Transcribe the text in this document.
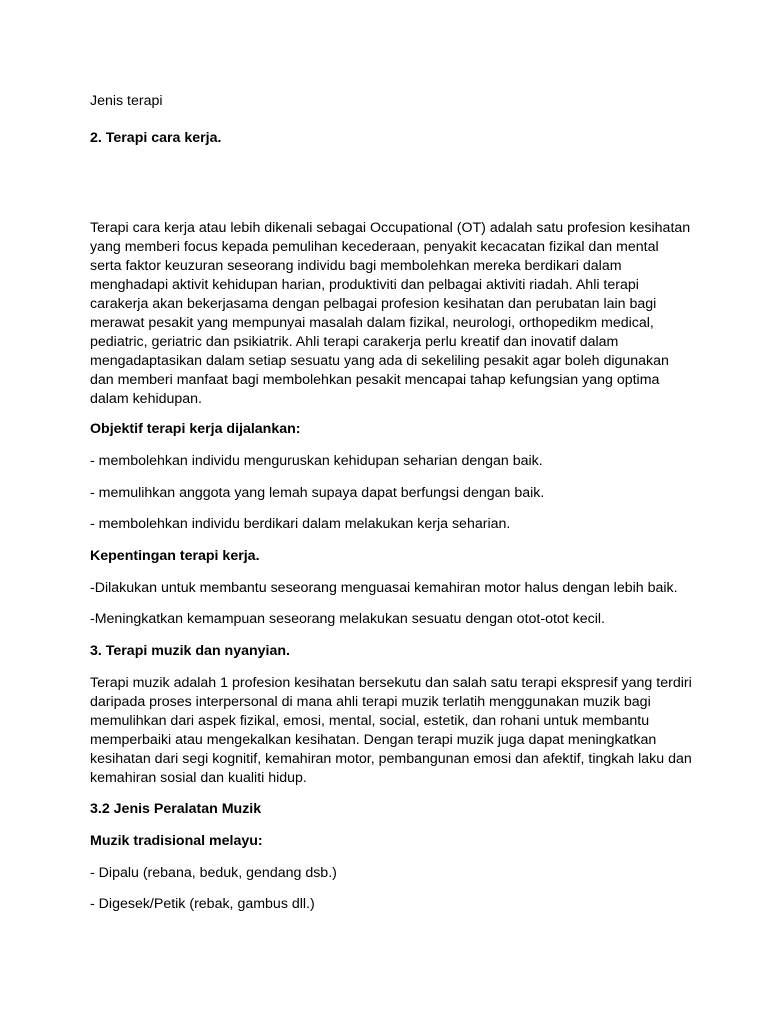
Jenis terapi

2. Terapi cara kerja.

Terapi cara kerja atau lebih dikenali sebagai Occupational (OT) adalah satu profesion kesihatan
yang memberi focus kepada pemulihan kecederaan, penyakit kecacatan fizikal dan mental
serta faktor keuzuran seseorang individu bagi membolehkan mereka berdikari dalam
menghadapi aktivit kehidupan harian, produktiviti dan pelbagai aktiviti riadah. Ahli terapi
carakerja akan bekerjasama dengan pelbagai profesion kesihatan dan perubatan lain bagi
merawat pesakit yang mempunyai masalah dalam fizikal, neurologi, orthopedikm medical,
pediatric, geriatric dan psikiatrik. Ahli terapi carakerja perlu kreatif dan inovatif dalam
mengadaptasikan dalam setiap sesuatu yang ada di sekeliling pesakit agar boleh digunakan
dan memberi manfaat bagi membolehkan pesakit mencapai tahap kefungsian yang optima
dalam kehidupan.

Objektif terapi kerja dijalankan:

- membolehkan individu menguruskan kehidupan seharian dengan baik.

- memulihkan anggota yang lemah supaya dapat berfungsi dengan baik.

- membolehkan individu berdikari dalam melakukan kerja seharian.

Kepentingan terapi kerja.

-Dilakukan untuk membantu seseorang menguasai kemahiran motor halus dengan lebih baik.

-Meningkatkan kemampuan seseorang melakukan sesuatu dengan otot-otot kecil.

3. Terapi muzik dan nyanyian.

Terapi muzik adalah 1 profesion kesihatan bersekutu dan salah satu terapi ekspresif yang terdiri
daripada proses interpersonal di mana ahli terapi muzik terlatih menggunakan muzik bagi
memulihkan dari aspek fizikal, emosi, mental, social, estetik, dan rohani untuk membantu
memperbaiki atau mengekalkan kesihatan. Dengan terapi muzik juga dapat meningkatkan
kesihatan dari segi kognitif, kemahiran motor, pembangunan emosi dan afektif, tingkah laku dan
kemahiran sosial dan kualiti hidup.

3.2 Jenis Peralatan Muzik

Muzik tradisional melayu:

- Dipalu (rebana, beduk, gendang dsb.)

- Digesek/Petik (rebak, gambus dll.)
